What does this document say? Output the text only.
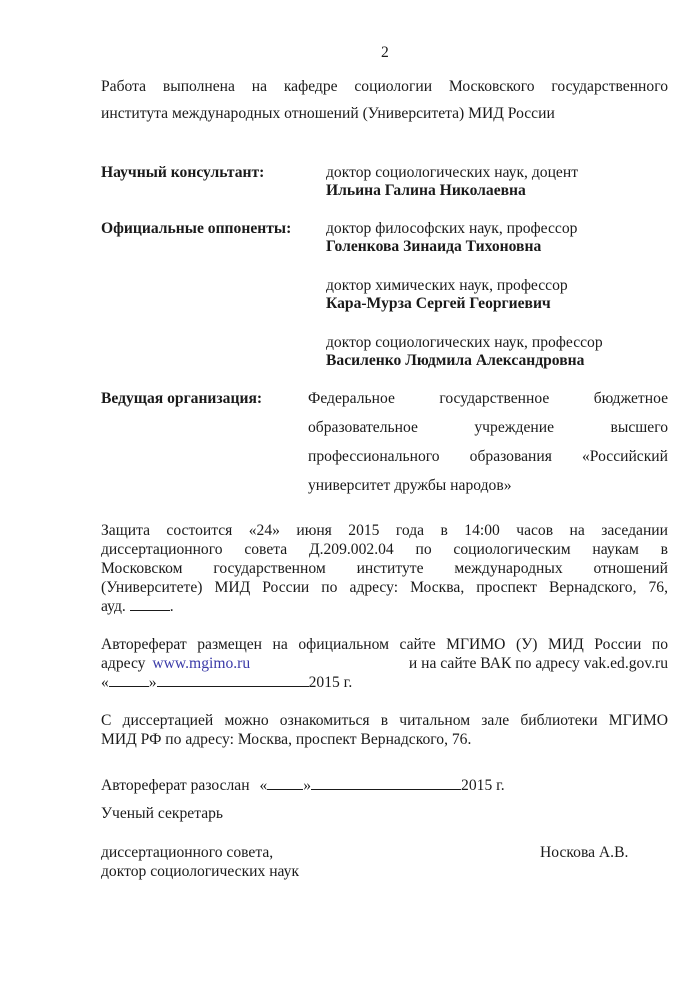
2
Работа выполнена на кафедре социологии Московского государственного
института международных отношений (Университета) МИД России
Научный консультант:	доктор социологических наук, доцент
Ильина Галина Николаевна
Официальные оппоненты: доктор философских наук, профессор
Голенкова Зинаида Тихоновна
доктор химических наук, профессор
Кара-Мурза Сергей Георгиевич
доктор социологических наук, профессор
Василенко Людмила Александровна
Ведущая организация:	Федеральное государственное бюджетное
образовательное учреждение высшего
профессионального образования «Российский
университет дружбы народов»
Защита состоится «24» июня 2015 года в 14:00 часов на заседании
диссертационного совета Д.209.002.04 по социологическим наукам в
Московском государственном институте международных отношений
(Университете) МИД России по адресу: Москва, проспект Вернадского, 76,
ауд.	.
Автореферат размещен на официальном сайте МГИМО (У) МИД России по
адресу www.mgimo.ru	и на сайте ВАК по адресу vak.ed.gov.ru
«	»	2015 г.
С диссертацией можно ознакомиться в читальном зале библиотеки МГИМО
МИД РФ по адресу: Москва, проспект Вернадского, 76.
Автореферат разослан « »	2015 г.
Ученый секретарь
диссертационного совета,	Носкова А.В.
доктор социологических наук
